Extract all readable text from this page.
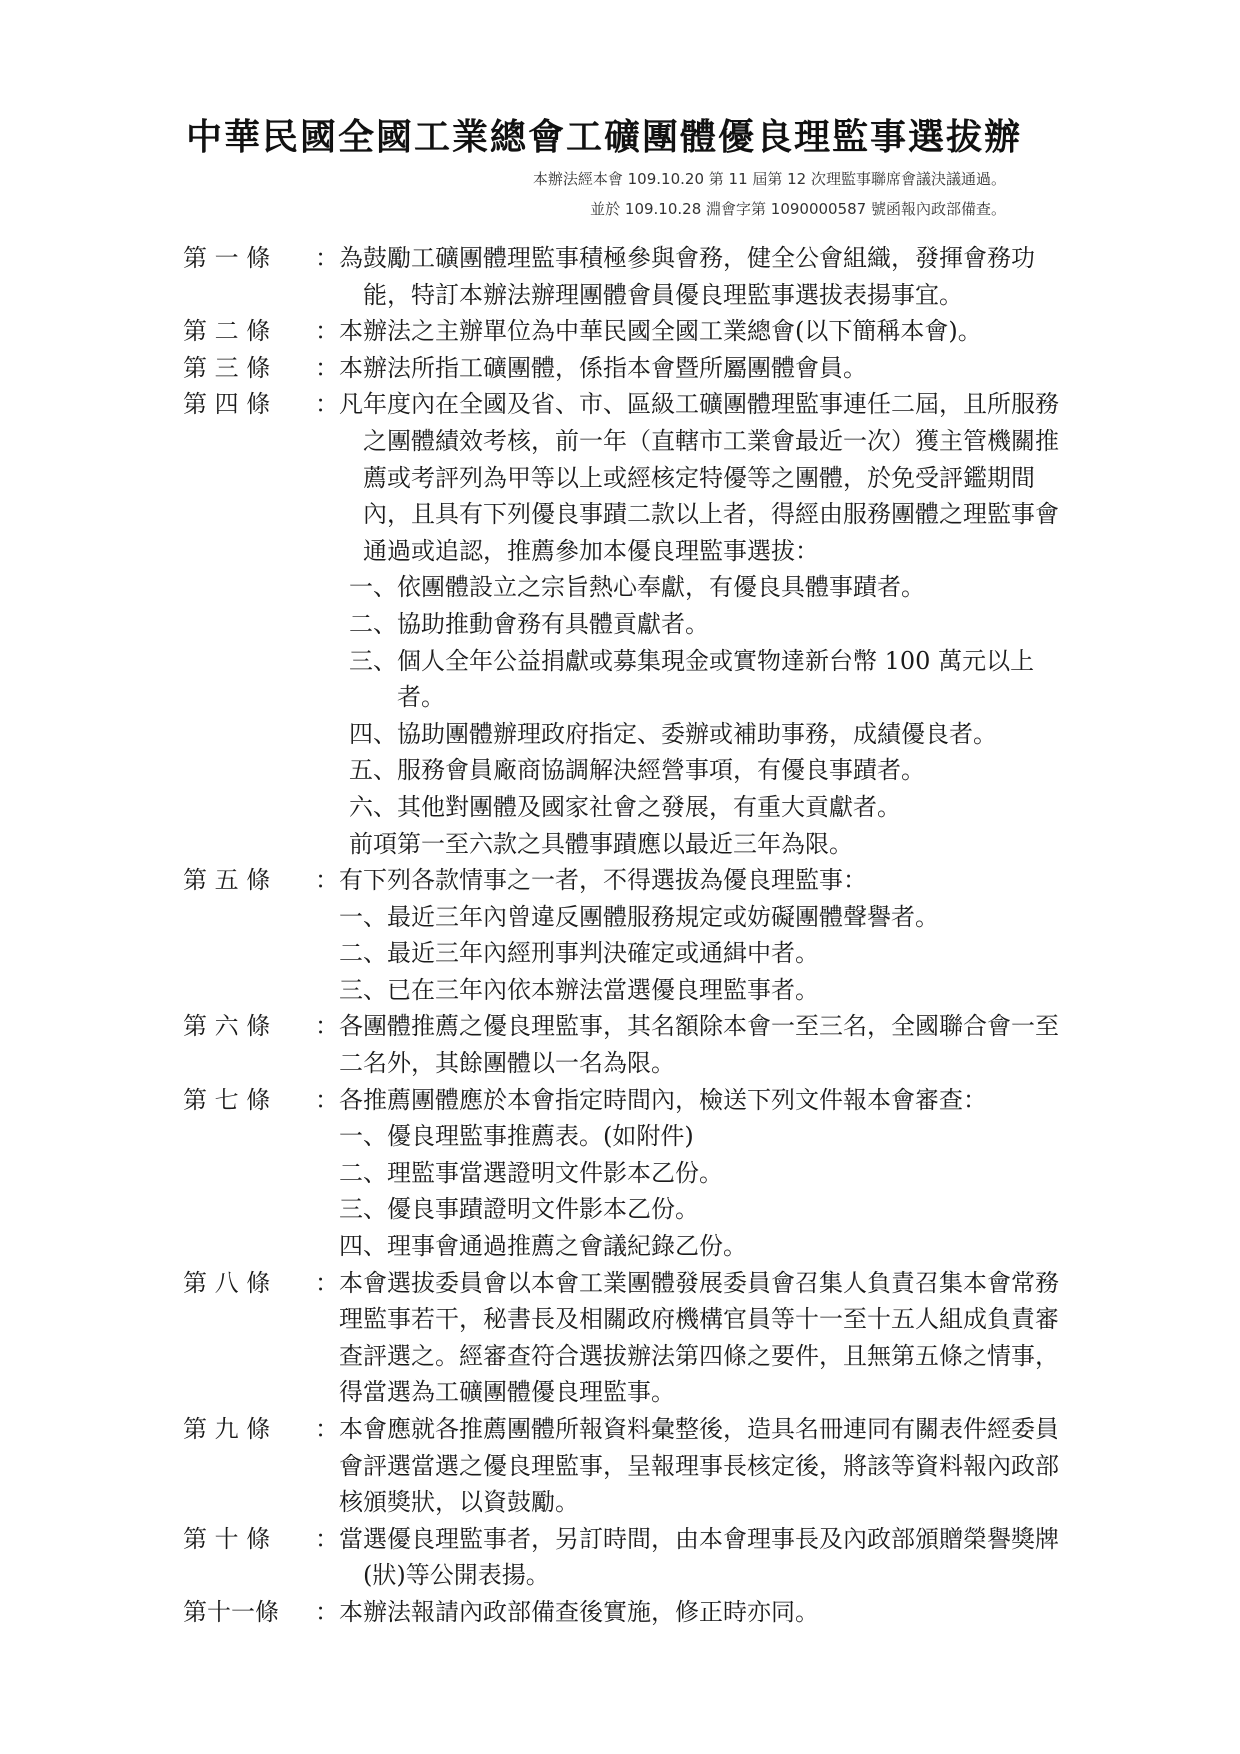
中華民國全國工業總會工礦團體優良理監事選拔辦
本辦法經本會 109.10.20 第 11 屆第 12 次理監事聯席會議決議通過。
並於 109.10.28 淵會字第 1090000587 號函報內政部備查。
第 一 條	： 為鼓勵工礦團體理監事積極參與會務，健全公會組織，發揮會務功能，特訂本辦法辦理團體會員優良理監事選拔表揚事宜。

第 二 條	： 本辦法之主辦單位為中華民國全國工業總會(以下簡稱本會)。

第 三 條	： 本辦法所指工礦團體，係指本會暨所屬團體會員。

第 四 條	： 凡年度內在全國及省、市、區級工礦團體理監事連任二屆，且所服務之團體績效考核，前一年（直轄市工業會最近一次）獲主管機關推薦或考評列為甲等以上或經核定特優等之團體，於免受評鑑期間內，且具有下列優良事蹟二款以上者，得經由服務團體之理監事會通過或追認，推薦參加本優良理監事選拔：

一、依團體設立之宗旨熱心奉獻，有優良具體事蹟者。

二、協助推動會務有具體貢獻者。

三、個人全年公益捐獻或募集現金或實物達新台幣 100 萬元以上者。

四、協助團體辦理政府指定、委辦或補助事務，成績優良者。

五、服務會員廠商協調解決經營事項，有優良事蹟者。

六、其他對團體及國家社會之發展，有重大貢獻者。

前項第一至六款之具體事蹟應以最近三年為限。

第 五 條	： 有下列各款情事之一者，不得選拔為優良理監事：

一、最近三年內曾違反團體服務規定或妨礙團體聲譽者。

二、最近三年內經刑事判決確定或通緝中者。

三、已在三年內依本辦法當選優良理監事者。

第 六 條	： 各團體推薦之優良理監事，其名額除本會一至三名，全國聯合會一至二名外，其餘團體以一名為限。

第 七 條	： 各推薦團體應於本會指定時間內，檢送下列文件報本會審查：

一、優良理監事推薦表。(如附件)

二、理監事當選證明文件影本乙份。

三、優良事蹟證明文件影本乙份。

四、理事會通過推薦之會議紀錄乙份。

第 八 條	： 本會選拔委員會以本會工業團體發展委員會召集人負責召集本會常務理監事若干，秘書長及相關政府機構官員等十一至十五人組成負責審查評選之。經審查符合選拔辦法第四條之要件，且無第五條之情事，得當選為工礦團體優良理監事。

第 九 條	： 本會應就各推薦團體所報資料彙整後，造具名冊連同有關表件經委員會評選當選之優良理監事，呈報理事長核定後，將該等資料報內政部核頒獎狀，以資鼓勵。

第 十 條	： 當選優良理監事者，另訂時間，由本會理事長及內政部頒贈榮譽獎牌(狀)等公開表揚。

第十一條	： 本辦法報請內政部備查後實施，修正時亦同。
